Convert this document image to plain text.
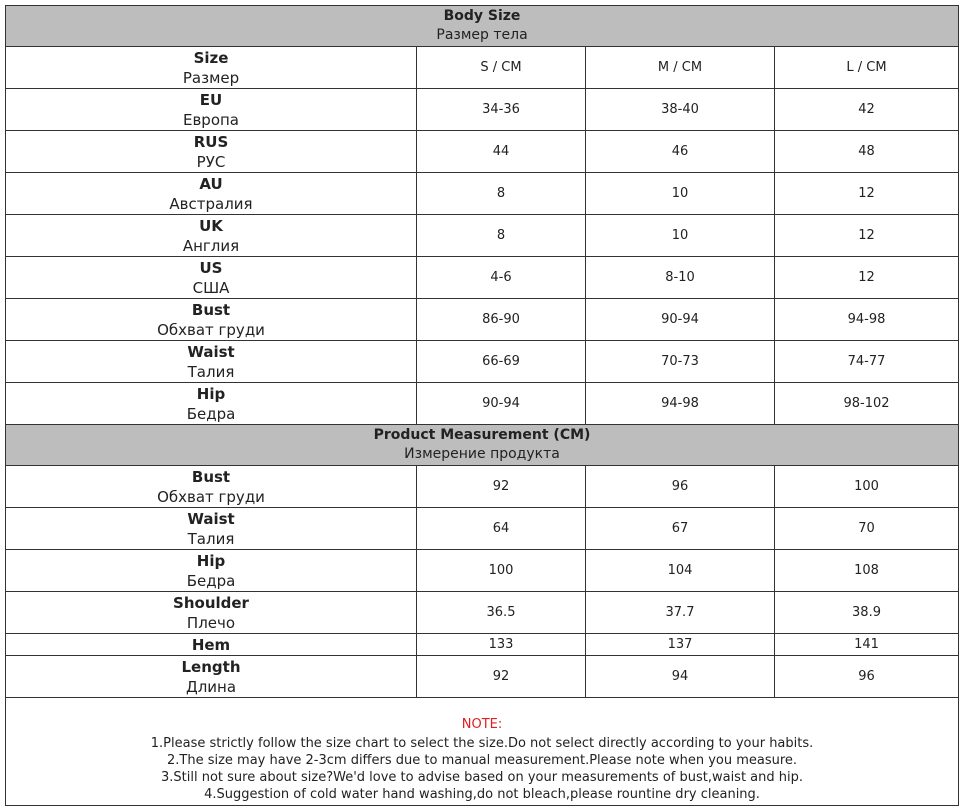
Body Size
Размер тела			

Size
Размер	S / CM	M / CM	L / CM

EU
Европа	34-36	38-40	42

RUS
РУС	44	46	48

AU
Австралия	8	10	12

UK
Англия	8	10	12

US
США	4-6	8-10	12

Bust
Обхват груди	86-90	90-94	94-98

Waist
Талия	66-69	70-73	74-77

Hip
Бедра	90-94	94-98	98-102

Product Measurement (CM)
Измерение продукта			

Bust
Обхват груди	92	96	100

Waist
Талия	64	67	70

Hip
Бедра	100	104	108

Shoulder
Плечо	36.5	37.7	38.9

Hem	133	137	141

Length
Длина	92	94	96

NOTE:
1.Please strictly follow the size chart to select the size.Do not select directly according to your habits.
2.The size may have 2-3cm differs due to manual measurement.Please note when you measure.
3.Still not sure about size?We'd love to advise based on your measurements of bust,waist and hip.
4.Suggestion of cold water hand washing,do not bleach,please rountine dry cleaning.			
